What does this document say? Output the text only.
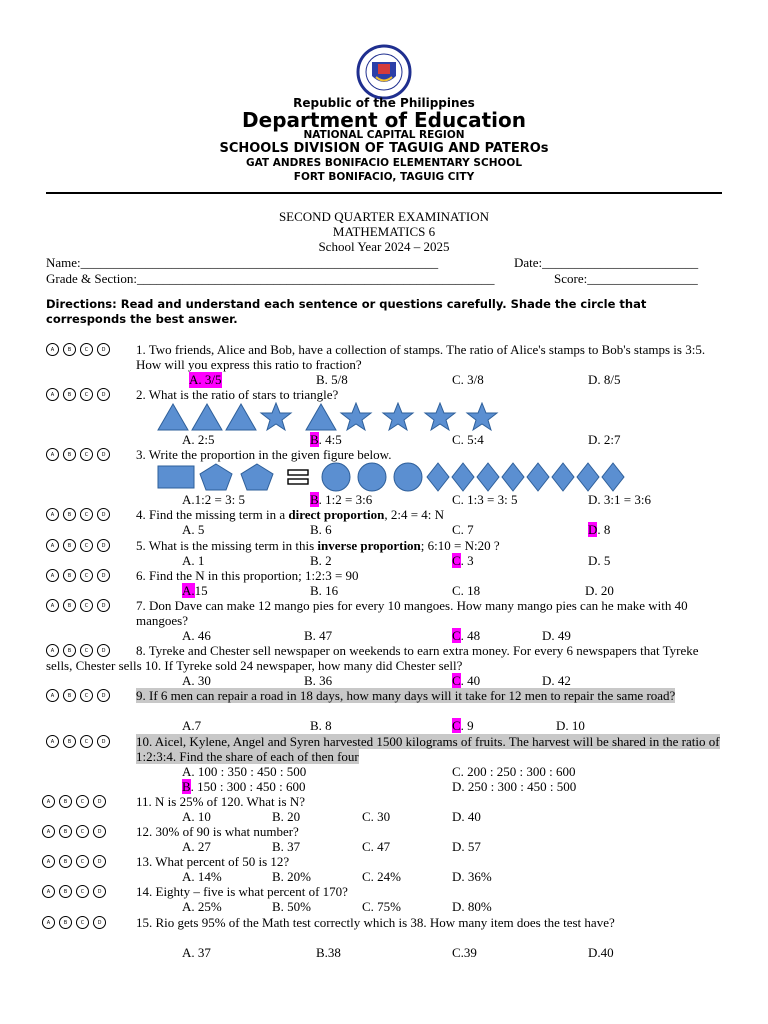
Republic of the Philippines
Department of Education
NATIONAL CAPITAL REGION
SCHOOLS DIVISION OF TAGUIG AND PATEROs
GAT ANDRES BONIFACIO ELEMENTARY SCHOOL
FORT BONIFACIO, TAGUIG CITY
SECOND QUARTER EXAMINATION
MATHEMATICS 6
School Year 2024 – 2025
Name:_______________________________________________________	Date:________________________
Grade & Section:_______________________________________________________	Score:_________________
Directions: Read and understand each sentence or questions carefully. Shade the circle that corresponds the best answer.
A	B	C	D
A	B	C	D
A	B	C	D
A	B	C	D
A	B	C	D
A	B	C	D
A	B	C	D
A	B	C	D
A	B	C	D
A	B	C	D
A	B	C	D
A	B	C	D
A	B	C	D
A	B	C	D
A	B	C	D
1. Two friends, Alice and Bob, have a collection of stamps. The ratio of Alice's stamps to Bob's stamps is 3:5. How will you express this ratio to fraction?
A. 3/5	B. 5/8	C. 3/8	D. 8/5
2. What is the ratio of stars to triangle?
A. 2:5	B. 4:5	C. 5:4	D. 2:7
3. Write the proportion in the given figure below.
A.1:2 = 3: 5	B. 1:2 = 3:6	C. 1:3 = 3: 5	D. 3:1 = 3:6
4. Find the missing term in a direct proportion, 2:4 = 4: N
A. 5	B. 6	C. 7	D. 8
5. What is the missing term in this inverse proportion; 6:10 = N:20 ?
A. 1	B. 2	C. 3	D. 5
6. Find the N in this proportion; 1:2:3 = 90
A.15	B. 16	C. 18	D. 20
7. Don Dave can make 12 mango pies for every 10 mangoes. How many mango pies can he make with 40 mangoes?
A. 46	B. 47	C. 48	D. 49
8. Tyreke and Chester sell newspaper on weekends to earn extra money. For every 6 newspapers that Tyreke sells, Chester sells 10. If Tyreke sold 24 newspaper, how many did Chester sell?
A. 30	B. 36	C. 40	D. 42
9. If 6 men can repair a road in 18 days, how many days will it take for 12 men to repair the same road?
A.7	B. 8	C. 9	D. 10
10. Aicel, Kylene, Angel and Syren harvested 1500 kilograms of fruits. The harvest will be shared in the ratio of 1:2:3:4. Find the share of each of then four
A. 100 : 350 : 450 : 500	C. 200 : 250 : 300 : 600
B. 150 : 300 : 450 : 600	D. 250 : 300 : 450 : 500
11. N is 25% of 120. What is N?
A. 10	B. 20	C. 30	D. 40
12. 30% of 90 is what number?
A. 27	B. 37	C. 47	D. 57
13. What percent of 50 is 12?
A. 14%	B. 20%	C. 24%	D. 36%
14. Eighty – five is what percent of 170?
A. 25%	B. 50%	C. 75%	D. 80%
15. Rio gets 95% of the Math test correctly which is 38. How many item does the test have?
A. 37	B.38	C.39	D.40
